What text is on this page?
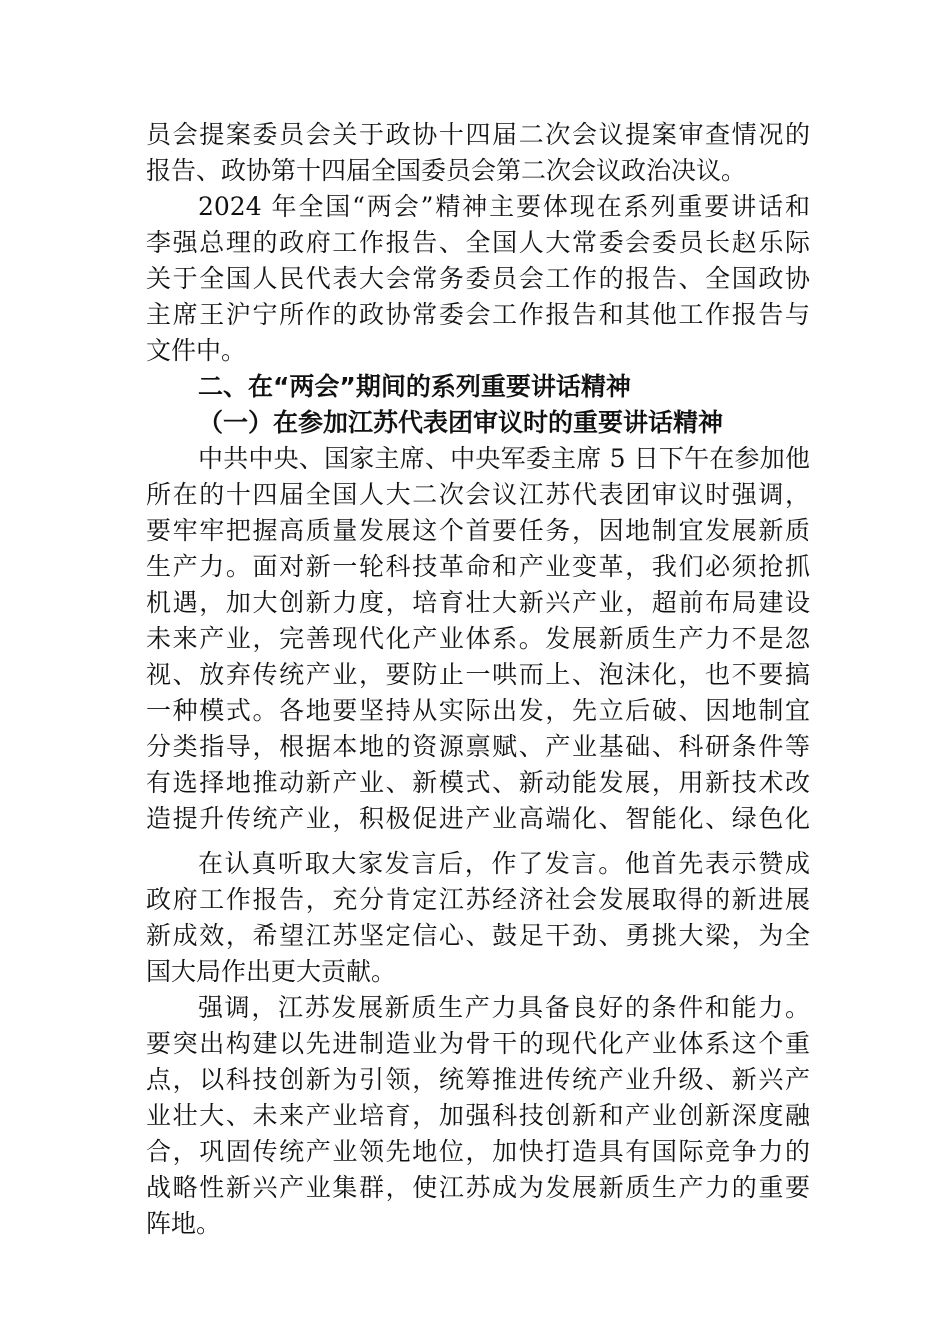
员会提案委员会关于政协十四届二次会议提案审查情况的
报告、政协第十四届全国委员会第二次会议政治决议。
2024 年全国“两会”精神主要体现在系列重要讲话和
李强总理的政府工作报告、全国人大常委会委员长赵乐际
关于全国人民代表大会常务委员会工作的报告、全国政协
主席王沪宁所作的政协常委会工作报告和其他工作报告与
文件中。
二、在“两会”期间的系列重要讲话精神
（一）在参加江苏代表团审议时的重要讲话精神
中共中央、国家主席、中央军委主席 5 日下午在参加他
所在的十四届全国人大二次会议江苏代表团审议时强调，
要牢牢把握高质量发展这个首要任务，因地制宜发展新质
生产力。面对新一轮科技革命和产业变革，我们必须抢抓
机遇，加大创新力度，培育壮大新兴产业，超前布局建设
未来产业，完善现代化产业体系。发展新质生产力不是忽
视、放弃传统产业，要防止一哄而上、泡沫化，也不要搞
一种模式。各地要坚持从实际出发，先立后破、因地制宜
分类指导，根据本地的资源禀赋、产业基础、科研条件等
有选择地推动新产业、新模式、新动能发展，用新技术改
造提升传统产业，积极促进产业高端化、智能化、绿色化
在认真听取大家发言后，作了发言。他首先表示赞成
政府工作报告，充分肯定江苏经济社会发展取得的新进展
新成效，希望江苏坚定信心、鼓足干劲、勇挑大梁，为全
国大局作出更大贡献。
强调，江苏发展新质生产力具备良好的条件和能力。
要突出构建以先进制造业为骨干的现代化产业体系这个重
点，以科技创新为引领，统筹推进传统产业升级、新兴产
业壮大、未来产业培育，加强科技创新和产业创新深度融
合，巩固传统产业领先地位，加快打造具有国际竞争力的
战略性新兴产业集群，使江苏成为发展新质生产力的重要
阵地。
